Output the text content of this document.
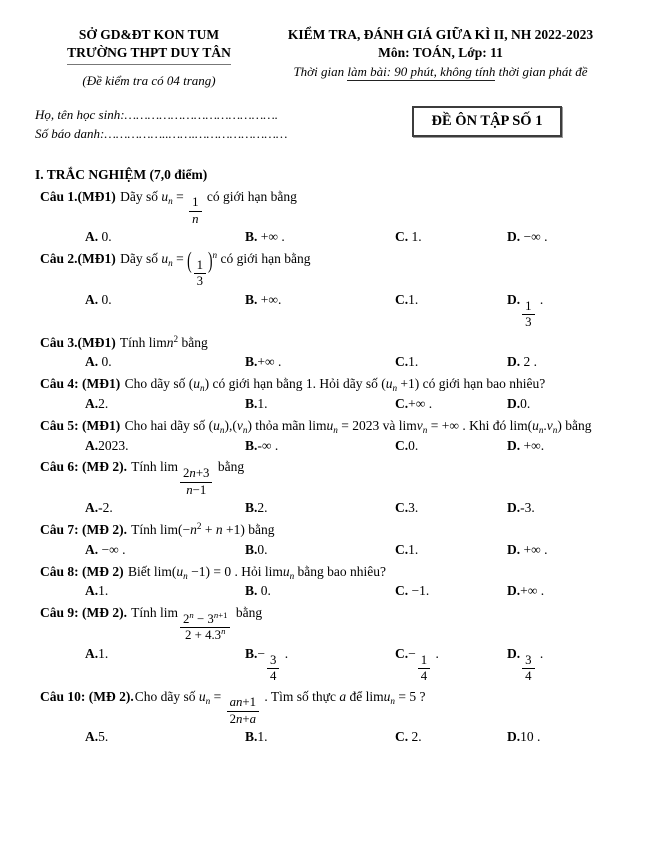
SỞ GD&ĐT KON TUM
TRƯỜNG THPT DUY TÂN
(Đề kiểm tra có 04 trang)
KIỂM TRA, ĐÁNH GIÁ GIỮA KÌ II, NH 2022-2023
Môn: TOÁN, Lớp: 11
Thời gian làm bài: 90 phút, không tính thời gian phát đề
Họ, tên học sinh:………………………………….
Số báo danh:……………..…….……………………
ĐỀ ÔN TẬP SỐ 1
I. TRẮC NGHIỆM (7,0 điểm)
Câu 1.(MĐ1) Dãy số $u_n$ =
$\frac{1}{n}$
có giới hạn bằng
A. 0.	B. +∞ .	C. 1.	D. −∞ .
Câu 2.(MĐ1) Dãy số $u_n$ = ( $\frac{1}{3} )^n$ có giới hạn bằng
A. 0.	B. +∞.	C.1.	D.
$\frac{1}{3}$
.
Câu 3.(MĐ1) Tính limn$^2$ bằng
A. 0.	B.+∞ .	C.1.	D. 2 .
Câu 4: (MĐ1) Cho dãy số $(u_n)$ có giới hạn bằng 1. Hỏi dãy số $(u_n +1)$ có giới hạn bao nhiêu?
A.2.	B.1.	C.+∞ .	D.0.
Câu 5: (MĐ1) Cho hai dãy số $(u_n),(v_n)$ thỏa mãn limu$_n$ = 2023 và limv$_n$ = +∞ . Khi đó $\lim(u_n.v_n)$ bằng
A.2023.	B.-∞ .	C.0.	D. +∞.
Câu 6: (MĐ 2). Tính lim
$\frac{2n+3}{n-1}$
bằng
A.-2.	B.2.	C.3.	D.-3.
Câu 7: (MĐ 2). Tính $\lim(-n^2 + n +1)$ bằng
A. −∞ .	B.0.	C.1.	D. +∞ .
Câu 8: (MĐ 2) Biết $\lim(u_n -1) = 0$ . Hỏi limu$_n$ bằng bao nhiêu?
A.1.	B. 0.	C. −1.	D.+∞ .
Câu 9: (MĐ 2). Tính lim
$\frac{2^n - 3^{n+1}}{2 + 4.3^n}$
bằng
A.1.	B.−
$\frac{3}{4}$
.	C.−
$\frac{1}{4}$
.	D.
$\frac{3}{4}$
.
Câu 10: (MĐ 2).Cho dãy số $u_n$ =
$\frac{an+1}{2n+a}$
. Tìm số thực a để limu$_n$ = 5 ?
A.5.	B.1.	C. 2.	D.10 .
